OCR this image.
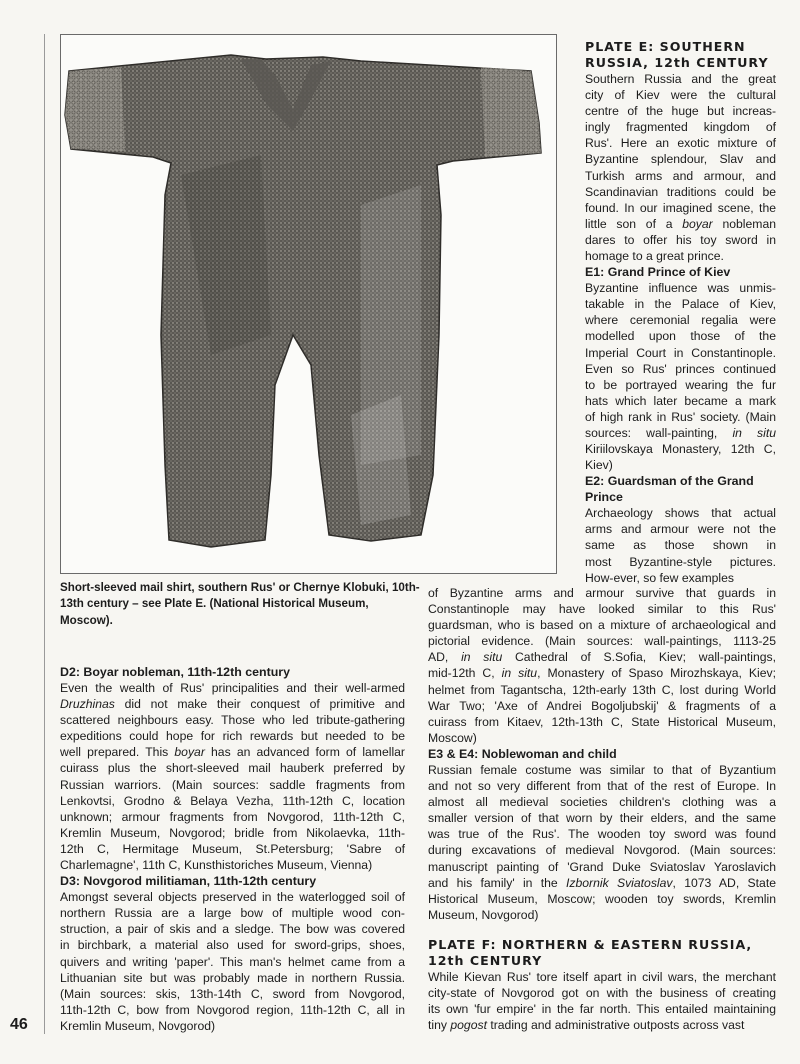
Short-sleeved mail shirt, southern Rus' or Chernye Klobuki, 10th-13th century – see Plate E. (National Historical Museum, Moscow).
PLATE E: SOUTHERN
RUSSIA, 12th CENTURY
Southern Russia and the great
city of Kiev were the cultural
centre of the huge but increas-
ingly fragmented kingdom of
Rus'. Here an exotic mixture of
Byzantine splendour, Slav and
Turkish arms and armour, and
Scandinavian traditions could be
found. In our imagined scene, the
little son of a boyar nobleman
dares to offer his toy sword in
homage to a great prince.
E1: Grand Prince of Kiev
Byzantine influence was unmis-
takable in the Palace of Kiev,
where ceremonial regalia were
modelled upon those of the
Imperial Court in Constantinople.
Even so Rus' princes continued
to be portrayed wearing the fur
hats which later became a mark
of high rank in Rus' society. (Main
sources: wall-painting, in situ
Kiriilovskaya Monastery, 12th C,
Kiev)
E2: Guardsman of the Grand
Prince
Archaeology shows that actual
arms and armour were not the
same as those shown in
most Byzantine-style pictures.
How-ever, so few examples
of Byzantine arms and armour survive that guards in
Constantinople may have looked similar to this Rus'
guardsman, who is based on a mixture of archaeological and
pictorial evidence. (Main sources: wall-paintings, 1113-25
AD, in situ Cathedral of S.Sofia, Kiev; wall-paintings,
mid-12th C, in situ, Monastery of Spaso Mirozhskaya, Kiev;
helmet from Tagantscha, 12th-early 13th C, lost during World
War Two; 'Axe of Andrei Bogoljubskij' & fragments of a
cuirass from Kitaev, 12th-13th C, State Historical Museum,
Moscow)
E3 & E4: Noblewoman and child
Russian female costume was similar to that of Byzantium
and not so very different from that of the rest of Europe. In
almost all medieval societies children's clothing was a
smaller version of that worn by their elders, and the same
was true of the Rus'. The wooden toy sword was found
during excavations of medieval Novgorod. (Main sources:
manuscript painting of 'Grand Duke Sviatoslav Yaroslavich
and his family' in the Izbornik Sviatoslav, 1073 AD, State
Historical Museum, Moscow; wooden toy swords, Kremlin
Museum, Novgorod)
PLATE F: NORTHERN & EASTERN RUSSIA,
12th CENTURY
While Kievan Rus' tore itself apart in civil wars, the merchant
city-state of Novgorod got on with the business of creating
its own 'fur empire' in the far north. This entailed maintaining
tiny pogost trading and administrative outposts across vast
D2: Boyar nobleman, 11th-12th century
Even the wealth of Rus' principalities and their well-armed
Druzhinas did not make their conquest of primitive and
scattered neighbours easy. Those who led tribute-gathering
expeditions could hope for rich rewards but needed to be
well prepared. This boyar has an advanced form of lamellar
cuirass plus the short-sleeved mail hauberk preferred by
Russian warriors. (Main sources: saddle fragments from
Lenkovtsi, Grodno & Belaya Vezha, 11th-12th C, location
unknown; armour fragments from Novgorod, 11th-12th C,
Kremlin Museum, Novgorod; bridle from Nikolaevka, 11th-
12th C, Hermitage Museum, St.Petersburg; 'Sabre of
Charlemagne', 11th C, Kunsthistoriches Museum, Vienna)
D3: Novgorod militiaman, 11th-12th century
Amongst several objects preserved in the waterlogged soil of
northern Russia are a large bow of multiple wood con-
struction, a pair of skis and a sledge. The bow was covered
in birchbark, a material also used for sword-grips, shoes,
quivers and writing 'paper'. This man's helmet came from a
Lithuanian site but was probably made in northern Russia.
(Main sources: skis, 13th-14th C, sword from Novgorod,
11th-12th C, bow from Novgorod region, 11th-12th C, all in
Kremlin Museum, Novgorod)
46
